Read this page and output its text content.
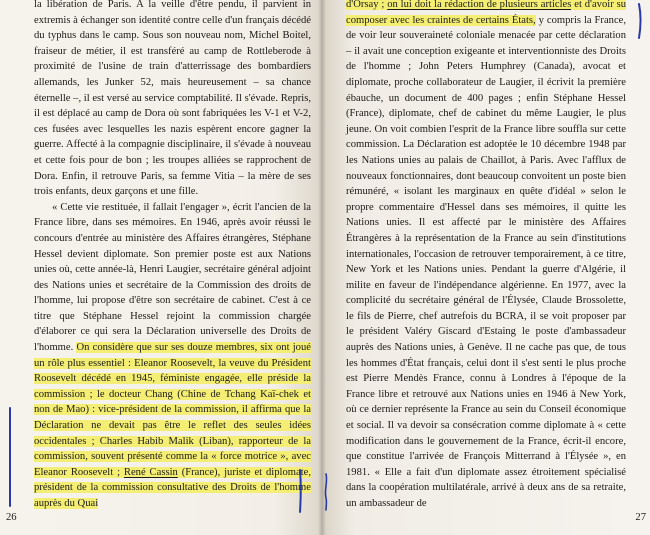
la libération de Paris. A la veille d'être pendu, il parvient in extremis à échanger son identité contre celle d'un français décédé du typhus dans le camp. Sous son nouveau nom, Michel Boitel, fraiseur de métier, il est transféré au camp de Rottleberode à proximité de l'usine de train d'atterrissage des bombardiers allemands, les Junker 52, mais heureusement – sa chance éternelle –, il est versé au service comptabilité. Il s'évade. Repris, il est déplacé au camp de Dora où sont fabriquées les V-1 et V-2, ces fusées avec lesquelles les nazis espèrent encore gagner la guerre. Affecté à la compagnie disciplinaire, il s'évade à nouveau et cette fois pour de bon ; les troupes alliées se rapprochent de Dora. Enfin, il retrouve Paris, sa femme Vitia – la mère de ses trois enfants, deux garçons et une fille.

« Cette vie restituée, il fallait l'engager », écrit l'ancien de la France libre, dans ses mémoires. En 1946, après avoir réussi le concours d'entrée au ministère des Affaires étrangères, Stéphane Hessel devient diplomate. Son premier poste est aux Nations unies où, cette année-là, Henri Laugier, secrétaire général adjoint des Nations unies et secrétaire de la Commission des droits de l'homme, lui propose d'être son secrétaire de cabinet. C'est à ce titre que Stéphane Hessel rejoint la commission chargée d'élaborer ce qui sera la Déclaration universelle des Droits de l'homme. On considère que sur ses douze membres, six ont joué un rôle plus essentiel : Eleanor Roosevelt, la veuve du Président Roosevelt décédé en 1945, féministe engagée, elle préside la commission ; le docteur Chang (Chine de Tchang Kaï-chek et non de Mao) : vice-président de la commission, il affirma que la Déclaration ne devait pas être le reflet des seules idées occidentales ; Charles Habib Malik (Liban), rapporteur de la commission, souvent présenté comme la « force motrice », avec Eleanor Roosevelt ; René Cassin (France), juriste et diplomate, président de la commission consultative des Droits de l'homme auprès du Quai

26

d'Orsay ; on lui doit la rédaction de plusieurs articles et d'avoir su composer avec les craintes de certains États, y compris la France, de voir leur souveraineté coloniale menacée par cette déclaration – il avait une conception exigeante et interventionniste des Droits de l'homme ; John Peters Humphrey (Canada), avocat et diplomate, proche collaborateur de Laugier, il écrivit la première ébauche, un document de 400 pages ; enfin Stéphane Hessel (France), diplomate, chef de cabinet du même Laugier, le plus jeune. On voit combien l'esprit de la France libre souffla sur cette commission. La Déclaration est adoptée le 10 décembre 1948 par les Nations unies au palais de Chaillot, à Paris. Avec l'afflux de nouveaux fonctionnaires, dont beaucoup convoitent un poste bien rémunéré, « isolant les marginaux en quête d'idéal » selon le propre commentaire d'Hessel dans ses mémoires, il quitte les Nations unies. Il est affecté par le ministère des Affaires Étrangères à la représentation de la France au sein d'institutions internationales, l'occasion de retrouver temporairement, à ce titre, New York et les Nations unies. Pendant la guerre d'Algérie, il milite en faveur de l'indépendance algérienne. En 1977, avec la complicité du secrétaire général de l'Élysée, Claude Brossolette, le fils de Pierre, chef autrefois du BCRA, il se voit proposer par le président Valéry Giscard d'Estaing le poste d'ambassadeur auprès des Nations unies, à Genève. Il ne cache pas que, de tous les hommes d'État français, celui dont il s'est senti le plus proche est Pierre Mendès France, connu à Londres à l'époque de la France libre et retrouvé aux Nations unies en 1946 à New York, où ce dernier représente la France au sein du Conseil économique et social. Il va devoir sa consécration comme diplomate à « cette modification dans le gouvernement de la France, écrit-il encore, que constitue l'arrivée de François Mitterrand à l'Élysée », en 1981. « Elle a fait d'un diplomate assez étroitement spécialisé dans la coopération multilatérale, arrivé à deux ans de sa retraite, un ambassadeur de

27
